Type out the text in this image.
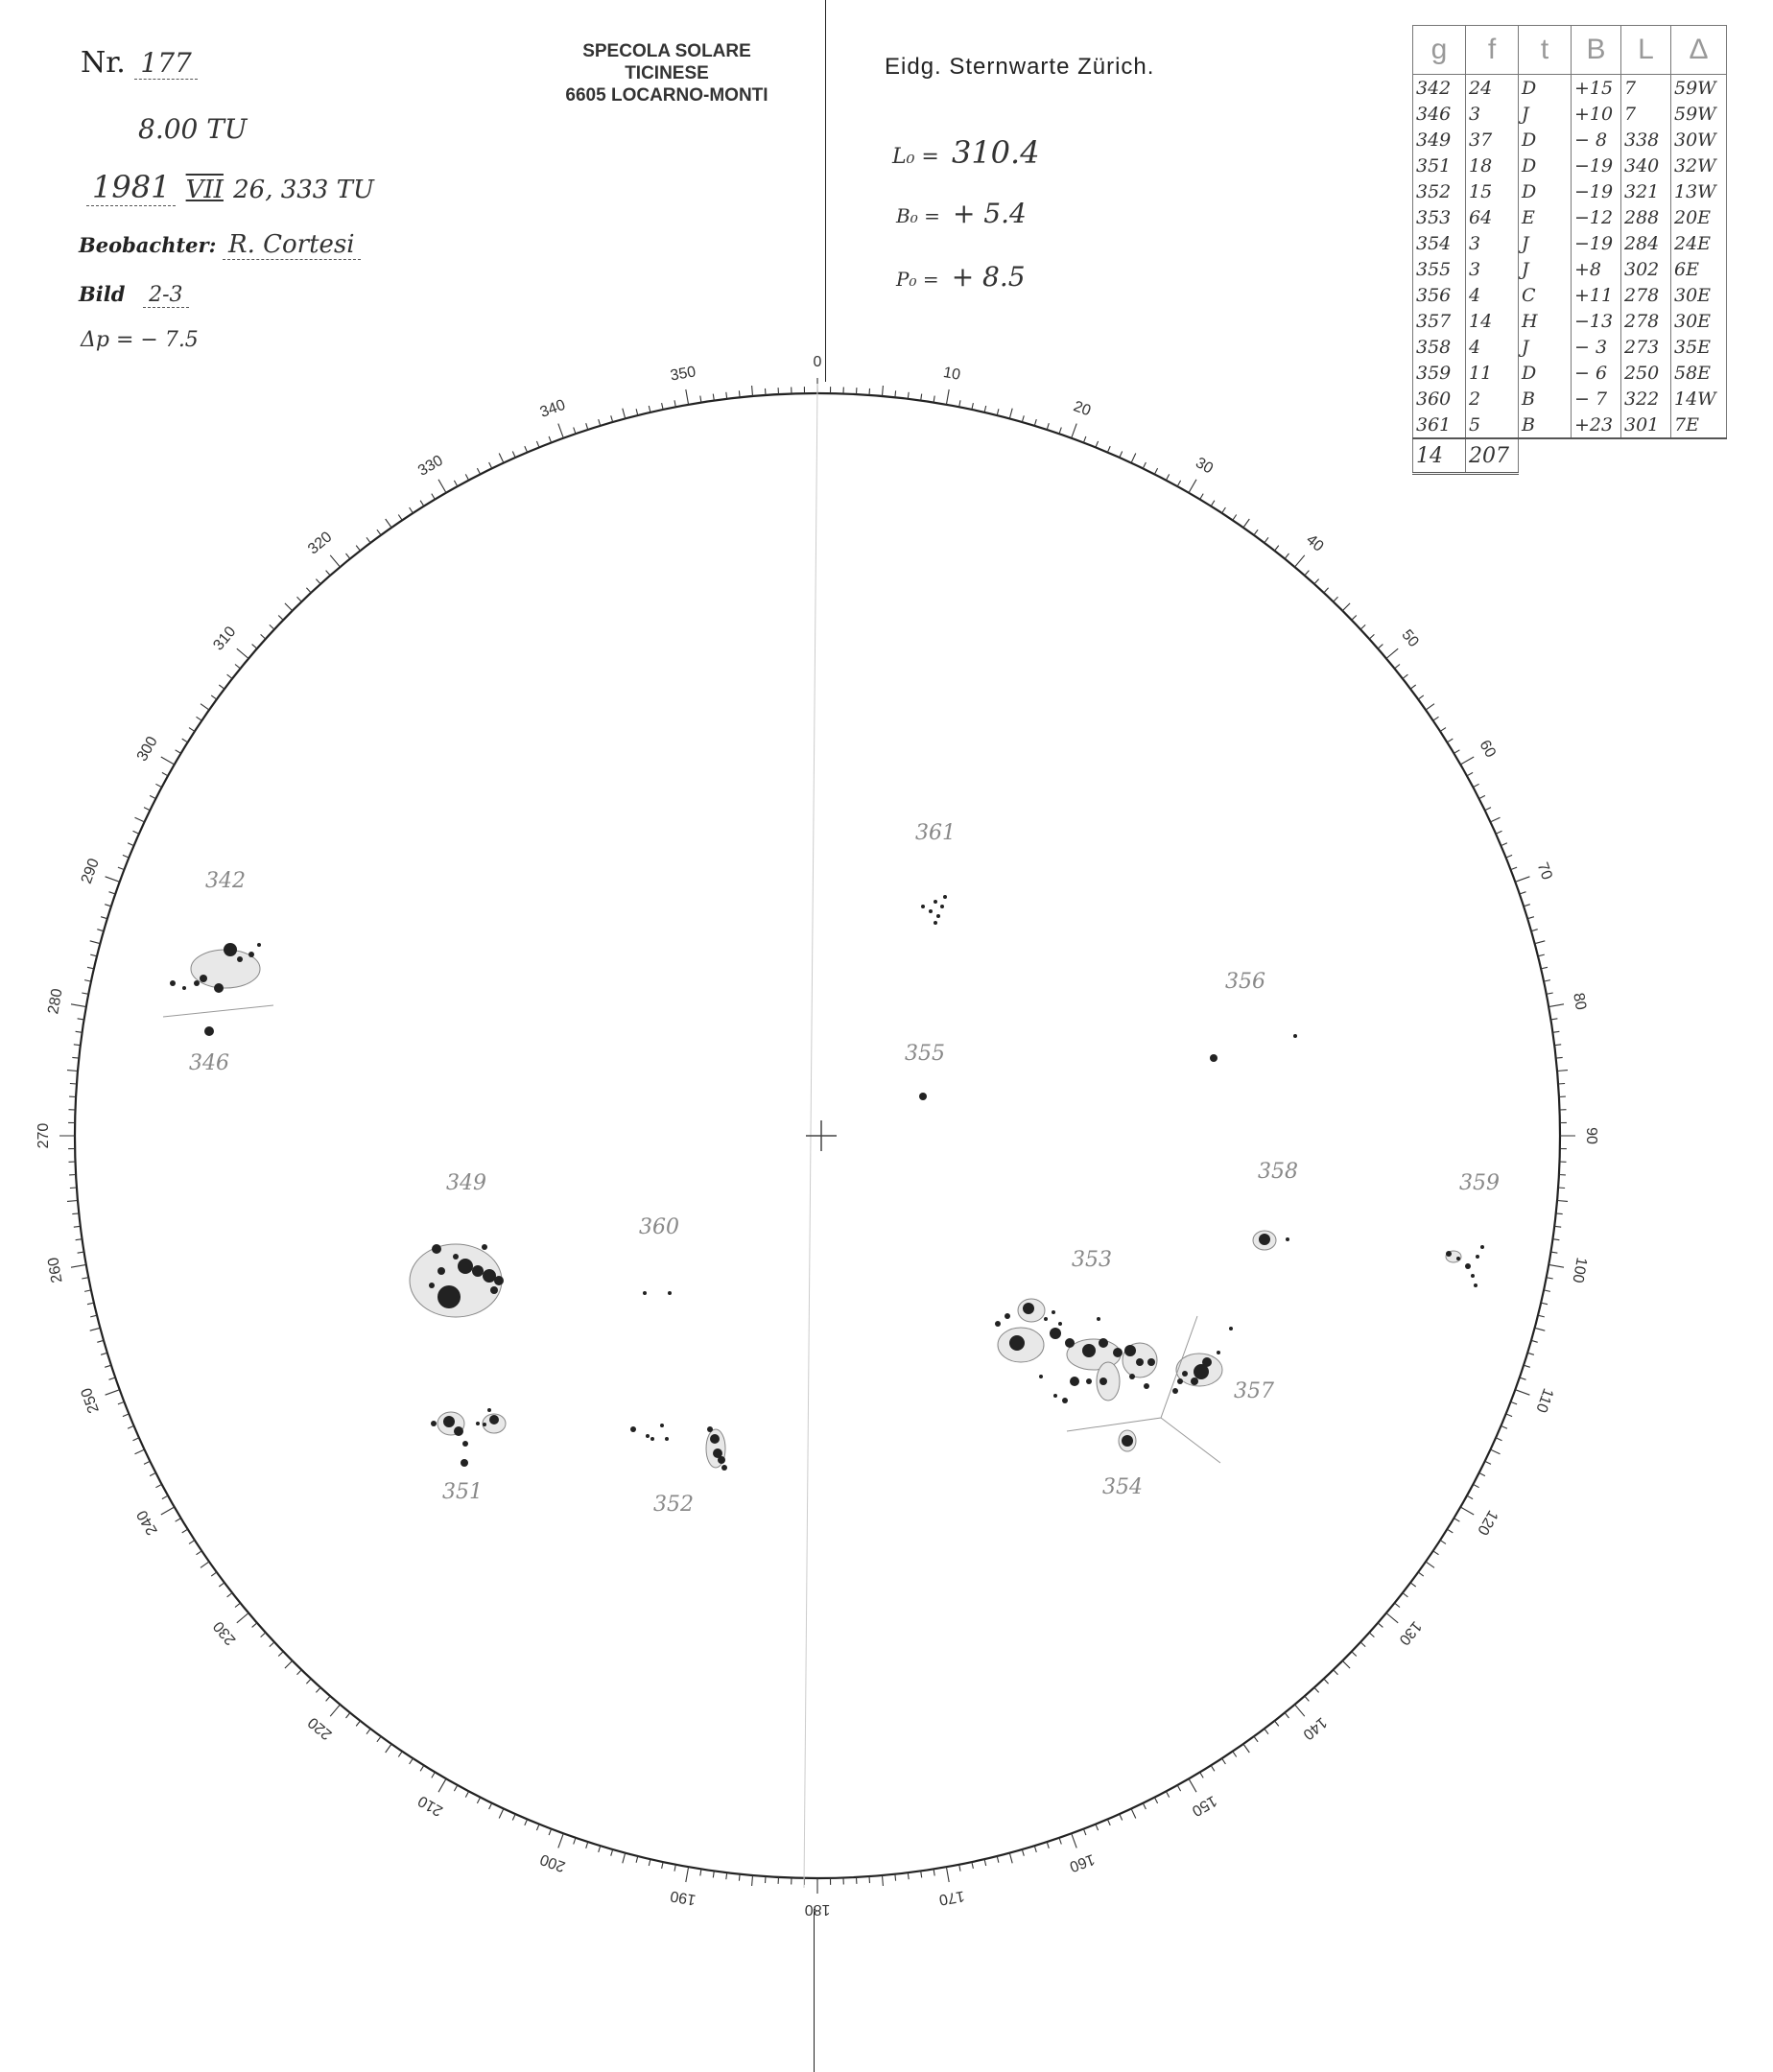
Nr. 177
8.00 TU
1981 VII 26, 333 TU
Beobachter: R. Cortesi
Bild 2-3
Δp = − 7.5
SPECOLA SOLARE
TICINESE
6605 LOCARNO-MONTI
Eidg. Sternwarte Zürich.
L₀ = 310.4
B₀ = + 5.4
P₀ = + 8.5
g	f	t	B	L	Δ
342	24	D	+15	7	59W
346	3	J	+10	7	59W
349	37	D	− 8	338	30W
351	18	D	−19	340	32W
352	15	D	−19	321	13W
353	64	E	−12	288	20E
354	3	J	−19	284	24E
355	3	J	+8	302	6E
356	4	C	+11	278	30E
357	14	H	−13	278	30E
358	4	J	− 3	273	35E
359	11	D	− 6	250	58E
360	2	B	− 7	322	14W
361	5	B	+23	301	7E
14	207				
0
10
20
30
40
50
60
70
80
90
100
110
120
130
140
150
160
170
180
190
200
210
220
230
240
250
260
270
280
290
300
310
320
330
340
350
342
346
349
351
352
353
354
355
356
357
358	359
360
361
